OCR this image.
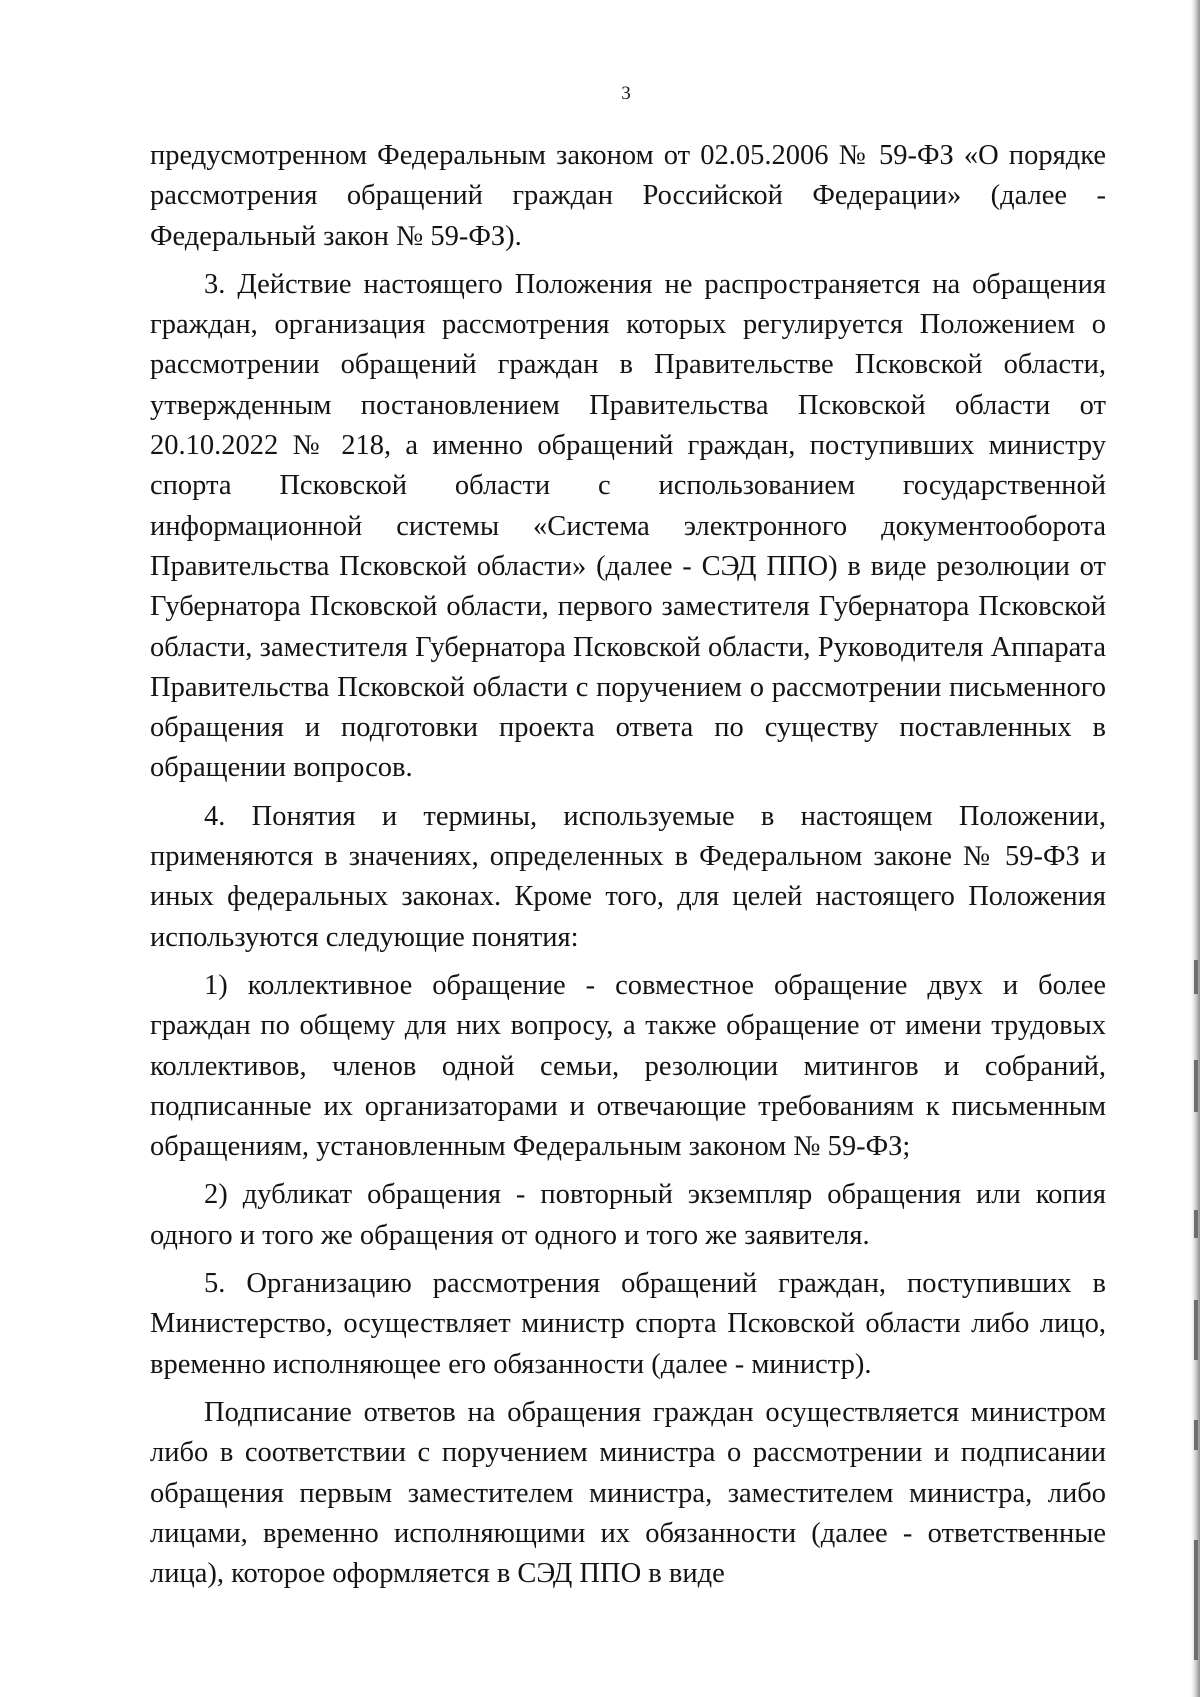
3

предусмотренном Федеральным законом от 02.05.2006 № 59-ФЗ «О порядке рассмотрения обращений граждан Российской Федерации» (далее - Федеральный закон № 59-ФЗ).

3. Действие настоящего Положения не распространяется на обращения граждан, организация рассмотрения которых регулируется Положением о рассмотрении обращений граждан в Правительстве Псковской области, утвержденным постановлением Правительства Псковской области от 20.10.2022 № 218, а именно обращений граждан, поступивших министру спорта Псковской области с использованием государственной информационной системы «Система электронного документооборота Правительства Псковской области» (далее - СЭД ППО) в виде резолюции от Губернатора Псковской области, первого заместителя Губернатора Псковской области, заместителя Губернатора Псковской области, Руководителя Аппарата Правительства Псковской области с поручением о рассмотрении письменного обращения и подготовки проекта ответа по существу поставленных в обращении вопросов.

4. Понятия и термины, используемые в настоящем Положении, применяются в значениях, определенных в Федеральном законе № 59-ФЗ и иных федеральных законах. Кроме того, для целей настоящего Положения используются следующие понятия:

1) коллективное обращение - совместное обращение двух и более граждан по общему для них вопросу, а также обращение от имени трудовых коллективов, членов одной семьи, резолюции митингов и собраний, подписанные их организаторами и отвечающие требованиям к письменным обращениям, установленным Федеральным законом № 59-ФЗ;

2) дубликат обращения - повторный экземпляр обращения или копия одного и того же обращения от одного и того же заявителя.

5. Организацию рассмотрения обращений граждан, поступивших в Министерство, осуществляет министр спорта Псковской области либо лицо, временно исполняющее его обязанности (далее - министр).

Подписание ответов на обращения граждан осуществляется министром либо в соответствии с поручением министра о рассмотрении и подписании обращения первым заместителем министра, заместителем министра, либо лицами, временно исполняющими их обязанности (далее - ответственные лица), которое оформляется в СЭД ППО в виде
